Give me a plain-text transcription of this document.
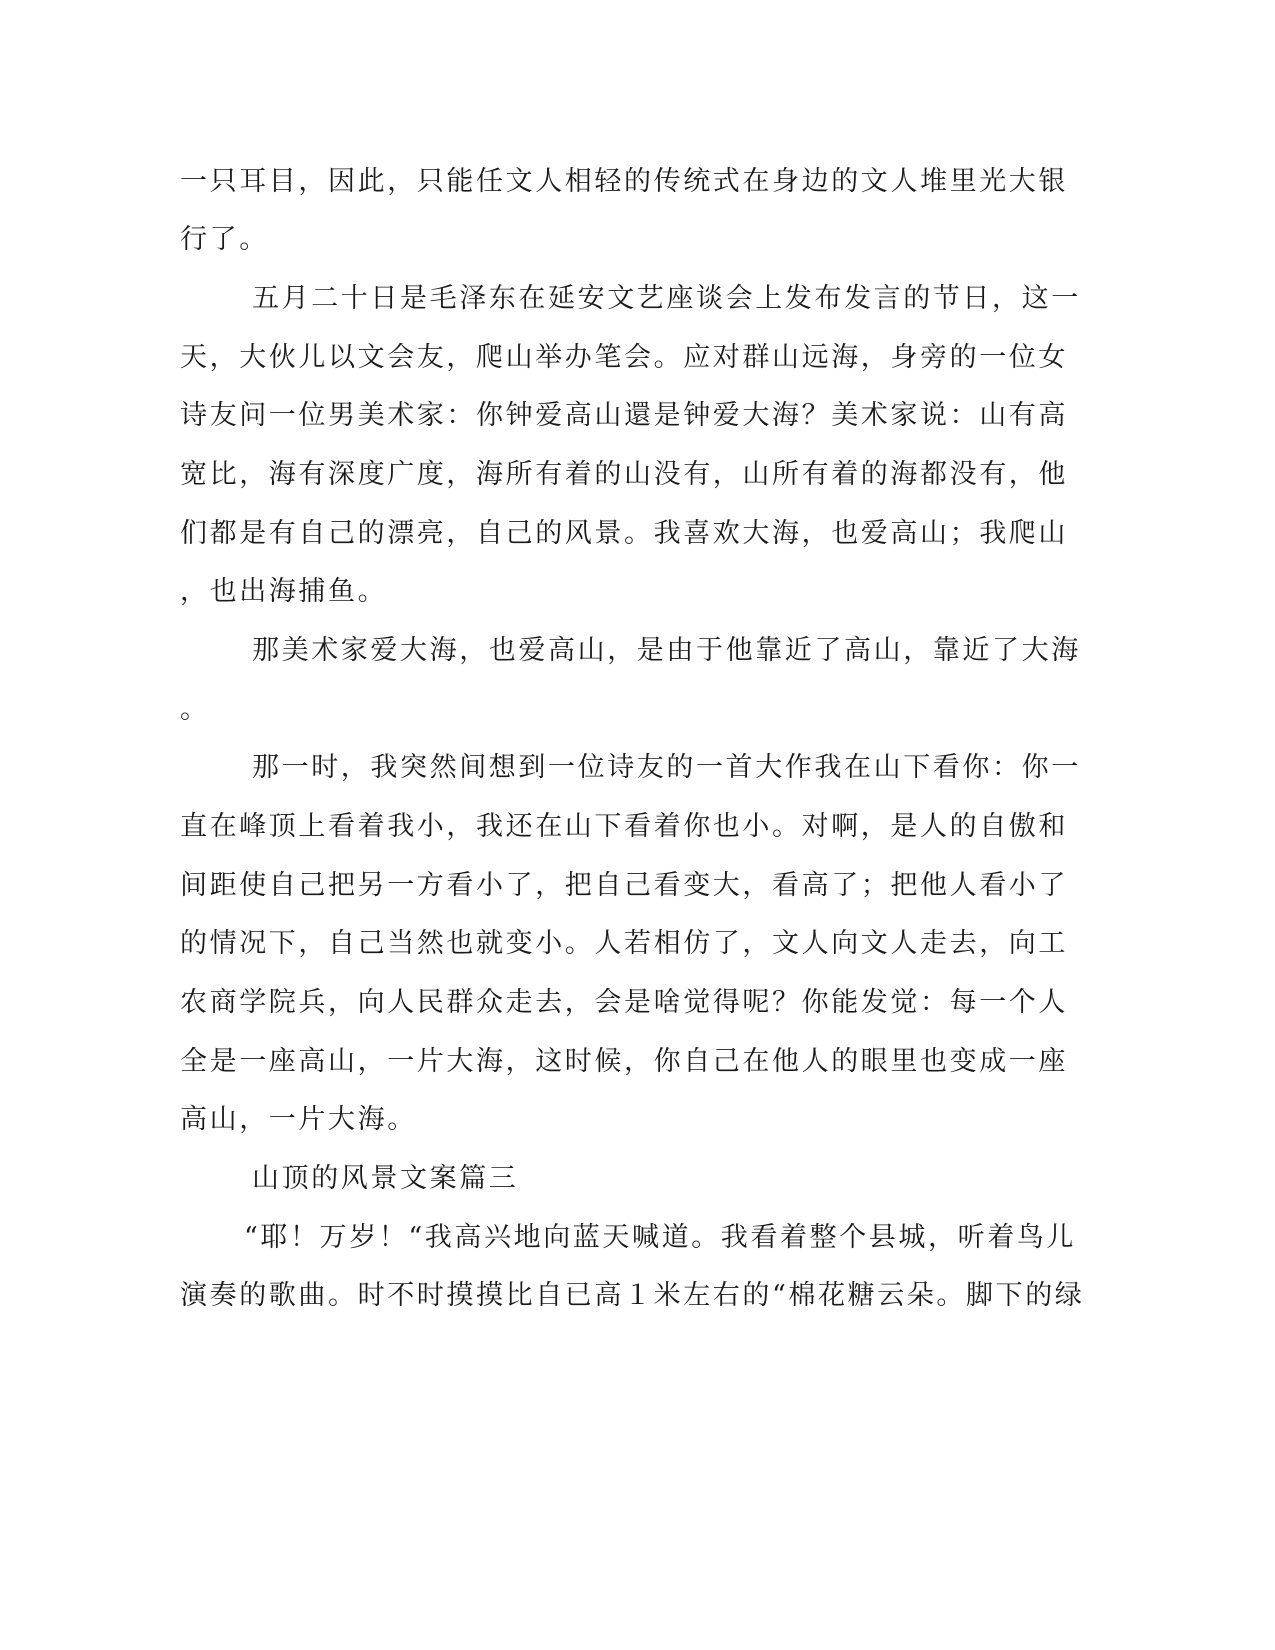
一只耳目，因此，只能任文人相轻的传统式在身边的文人堆里光大银
行了。
五月二十日是毛泽东在延安文艺座谈会上发布发言的节日，这一
天，大伙儿以文会友，爬山举办笔会。应对群山远海，身旁的一位女
诗友问一位男美术家：你钟爱高山還是钟爱大海？美术家说：山有高
宽比，海有深度广度，海所有着的山没有，山所有着的海都没有，他
们都是有自己的漂亮，自己的风景。我喜欢大海，也爱高山；我爬山
，也出海捕鱼。
那美术家爱大海，也爱高山，是由于他靠近了高山，靠近了大海
。
那一时，我突然间想到一位诗友的一首大作我在山下看你：你一
直在峰顶上看着我小，我还在山下看着你也小。对啊，是人的自傲和
间距使自己把另一方看小了，把自己看变大，看高了；把他人看小了
的情况下，自己当然也就变小。人若相仿了，文人向文人走去，向工
农商学院兵，向人民群众走去，会是啥觉得呢？你能发觉：每一个人
全是一座高山，一片大海，这时候，你自己在他人的眼里也变成一座
高山，一片大海。
山顶的风景文案篇三
“耶！万岁！“我高兴地向蓝天喊道。我看着整个县城，听着鸟儿
演奏的歌曲。时不时摸摸比自已高１米左右的“棉花糖云朵。脚下的绿
